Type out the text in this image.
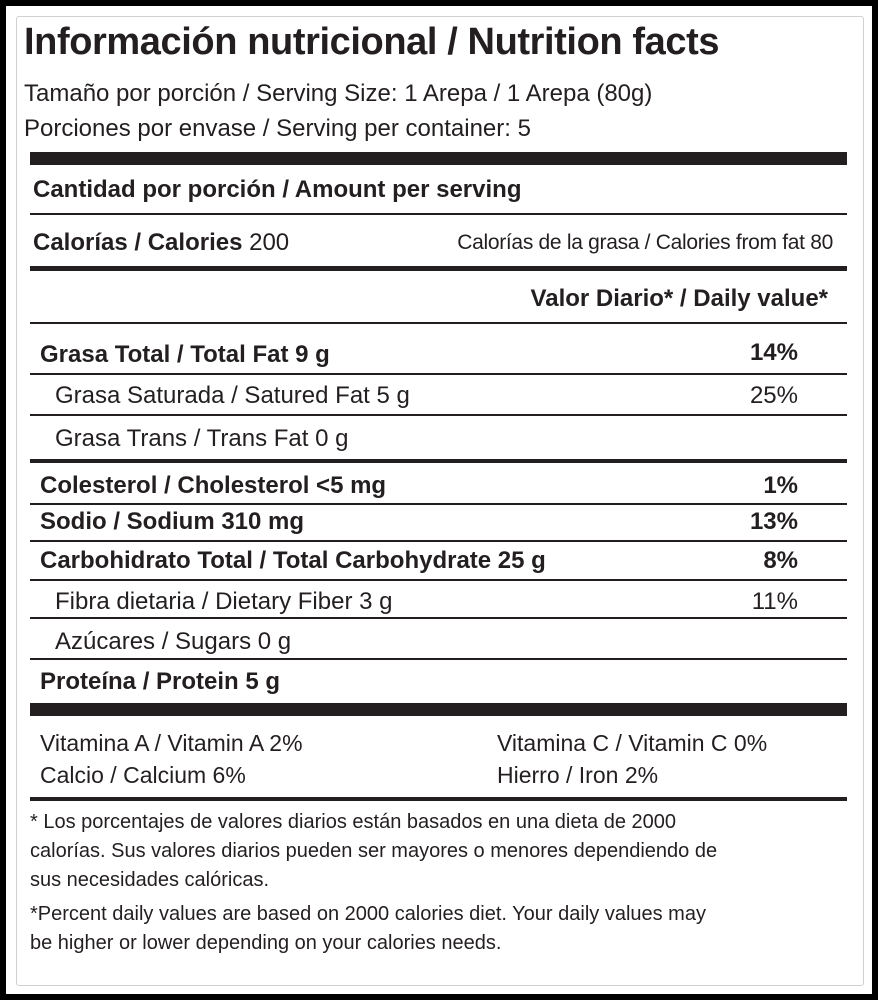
Información nutricional / Nutrition facts
Tamaño por porción / Serving Size: 1 Arepa / 1 Arepa (80g)
Porciones por envase / Serving per container: 5
Cantidad por porción / Amount per serving
Calorías / Calories 200	Calorías de la grasa / Calories from fat 80
Valor Diario* / Daily value*
Grasa Total / Total Fat 9 g	14%
Grasa Saturada / Satured Fat 5 g	25%
Grasa Trans / Trans Fat 0 g
Colesterol / Cholesterol <5 mg	1%
Sodio / Sodium 310 mg	13%
Carbohidrato Total / Total Carbohydrate 25 g	8%
Fibra dietaria / Dietary Fiber 3 g	11%
Azúcares / Sugars 0 g
Proteína / Protein 5 g
Vitamina A / Vitamin A 2%	Vitamina C / Vitamin C 0%
Calcio / Calcium 6%	Hierro / Iron 2%
* Los porcentajes de valores diarios están basados en una dieta de 2000
calorías. Sus valores diarios pueden ser mayores o menores dependiendo de
sus necesidades calóricas.
*Percent daily values are based on 2000 calories diet. Your daily values may
be higher or lower depending on your calories needs.
